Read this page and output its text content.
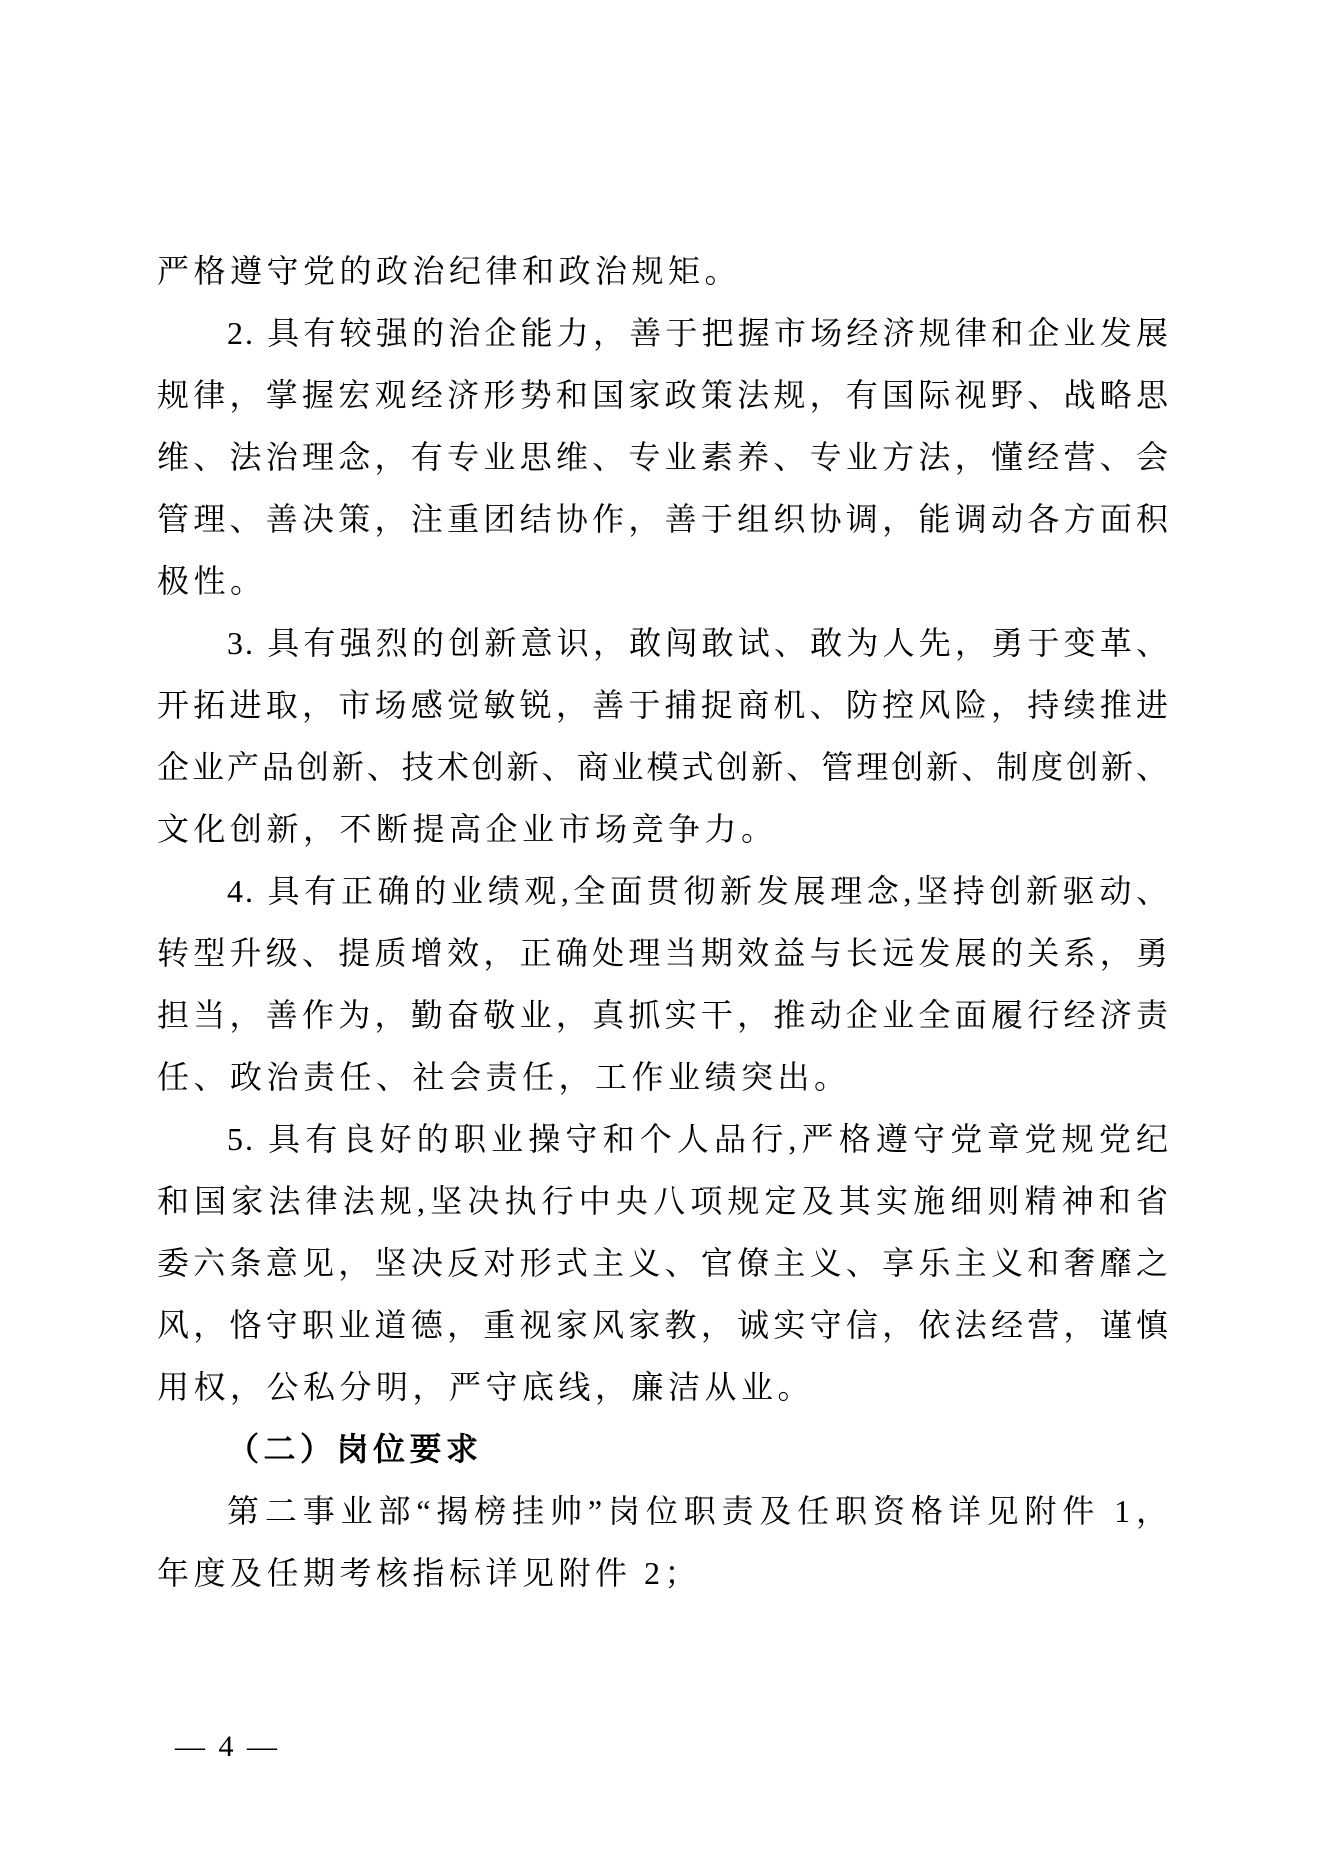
严格遵守党的政治纪律和政治规矩。
2. 具有较强的治企能力，善于把握市场经济规律和企业发展
规律，掌握宏观经济形势和国家政策法规，有国际视野、战略思
维、法治理念，有专业思维、专业素养、专业方法，懂经营、会
管理、善决策，注重团结协作，善于组织协调，能调动各方面积
极性。
3. 具有强烈的创新意识，敢闯敢试、敢为人先，勇于变革、
开拓进取，市场感觉敏锐，善于捕捉商机、防控风险，持续推进
企业产品创新、技术创新、商业模式创新、管理创新、制度创新、
文化创新，不断提高企业市场竞争力。
4. 具有正确的业绩观,全面贯彻新发展理念,坚持创新驱动、
转型升级、提质增效，正确处理当期效益与长远发展的关系，勇
担当，善作为，勤奋敬业，真抓实干，推动企业全面履行经济责
任、政治责任、社会责任，工作业绩突出。
5. 具有良好的职业操守和个人品行,严格遵守党章党规党纪
和国家法律法规,坚决执行中央八项规定及其实施细则精神和省
委六条意见，坚决反对形式主义、官僚主义、享乐主义和奢靡之
风，恪守职业道德，重视家风家教，诚实守信，依法经营，谨慎
用权，公私分明，严守底线，廉洁从业。
（二）岗位要求
第二事业部“揭榜挂帅”岗位职责及任职资格详见附件 1，
年度及任期考核指标详见附件 2；
— 4 —
